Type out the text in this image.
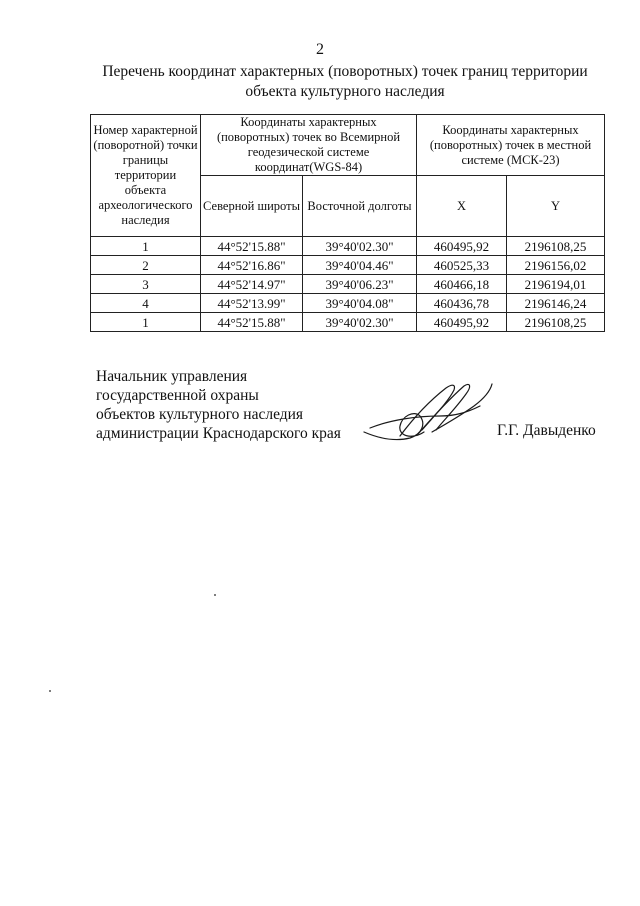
2
Перечень координат характерных (поворотных) точек границ территории
объекта культурного наследия
Номер характерной (поворотной) точки границы территории объекта археологического наследия	Координаты характерных (поворотных) точек во Всемирной геодезической системе координат(WGS-84)		Координаты характерных (поворотных) точек в местной системе (МСК-23)	
	Северной широты	Восточной долготы	X	Y
1	44°52'15.88"	39°40'02.30"	460495,92	2196108,25
2	44°52'16.86"	39°40'04.46"	460525,33	2196156,02
3	44°52'14.97"	39°40'06.23"	460466,18	2196194,01
4	44°52'13.99"	39°40'04.08"	460436,78	2196146,24
1	44°52'15.88"	39°40'02.30"	460495,92	2196108,25
Начальник управления
государственной охраны
объектов культурного наследия
администрации Краснодарского края	Г.Г. Давыденко
